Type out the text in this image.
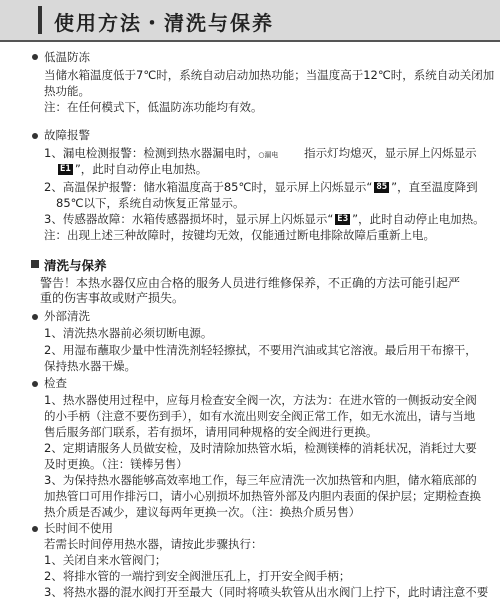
使用方法・清洗与保养
低温防冻
当储水箱温度低于7℃时，系统自动启动加热功能；当温度高于12℃时，系统自动关闭加
热功能。
注：在任何模式下，低温防冻功能均有效。
故障报警
1、漏电检测报警：检测到热水器漏电时，○漏电 指示灯均熄灭，显示屏上闪烁显示
E1 ”，此时自动停止电加热。
2、高温保护报警：储水箱温度高于85℃时，显示屏上闪烁显示“ 85 ”，直至温度降到
85℃以下，系统自动恢复正常显示。
3、传感器故障：水箱传感器损坏时，显示屏上闪烁显示“ E3 ”，此时自动停止电加热。
注：出现上述三种故障时，按键均无效，仅能通过断电排除故障后重新上电。
清洗与保养
警告！本热水器仅应由合格的服务人员进行维修保养，不正确的方法可能引起严
重的伤害事故或财产损失。
外部清洗
1、清洗热水器前必须切断电源。
2、用湿布蘸取少量中性清洗剂轻轻擦拭，不要用汽油或其它溶液。最后用干布擦干，
保持热水器干燥。
检查
1、热水器使用过程中，应每月检查安全阀一次，方法为：在进水管的一侧扳动安全阀
的小手柄（注意不要伤到手），如有水流出则安全阀正常工作，如无水流出，请与当地
售后服务部门联系，若有损坏，请用同种规格的安全阀进行更换。
2、定期请服务人员做安检，及时清除加热管水垢，检测镁棒的消耗状况，消耗过大要
及时更换。（注：镁棒另售）
3、为保持热水器能够高效率地工作，每三年应清洗一次加热管和内胆，储水箱底部的
加热管口可用作排污口，请小心别损坏加热管外部及内胆内表面的保护层；定期检查换
热介质是否减少，建议每两年更换一次。（注：换热介质另售）
长时间不使用
若需长时间停用热水器，请按此步骤执行：
1、关闭自来水管阀门；
2、将排水管的一端拧到安全阀泄压孔上，打开安全阀手柄；
3、将热水器的混水阀打开至最大（同时将喷头软管从出水阀门上拧下，此时请注意不要
